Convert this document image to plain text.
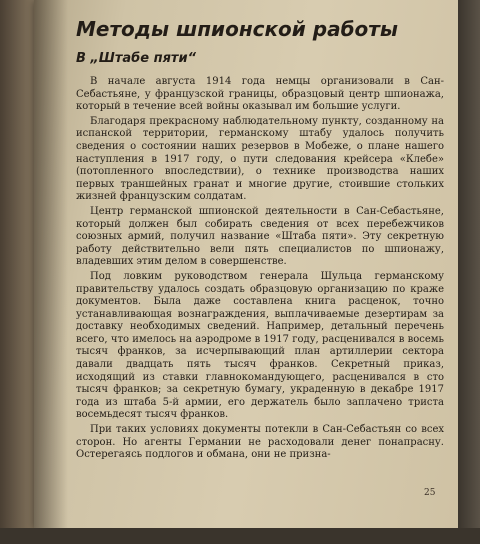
Методы шпионской работы
В „Штабе пяти“

В начале августа 1914 года немцы организовали в Сан-Себастьяне, у французской границы, образцовый центр шпионажа, который в течение всей войны оказывал им большие услуги.

Благодаря прекрасному наблюдательному пункту, созданному на испанской территории, германскому штабу удалось получить сведения о состоянии наших резервов в Мобеже, о плане нашего наступления в 1917 году, о пути следования крейсера «Клебе» (потопленного впоследствии), о технике производства наших первых траншейных гранат и многие другие, стоившие стольких жизней французским солдатам.

Центр германской шпионской деятельности в Сан-Себастьяне, который должен был собирать сведения от всех перебежчиков союзных армий, получил название «Штаба пяти». Эту секретную работу действительно вели пять специалистов по шпионажу, владевших этим делом в совершенстве.

Под ловким руководством генерала Шульца германскому правительству удалось создать образцовую организацию по краже документов. Была даже составлена книга расценок, точно устанавливающая вознаграждения, выплачиваемые дезертирам за доставку необходимых сведений. Например, детальный перечень всего, что имелось на аэродроме в 1917 году, расценивался в восемь тысяч франков, за исчерпывающий план артиллерии сектора давали двадцать пять тысяч франков. Секретный приказ, исходящий из ставки главнокомандующего, расценивался в сто тысяч франков; за секретную бумагу, украденную в декабре 1917 года из штаба 5-й армии, его держатель было заплачено триста восемьдесят тысяч франков.

При таких условиях документы потекли в Сан-Себастьян со всех сторон. Но агенты Германии не расходовали денег понапрасну. Остерегаясь подлогов и обмана, они не призна-

25
